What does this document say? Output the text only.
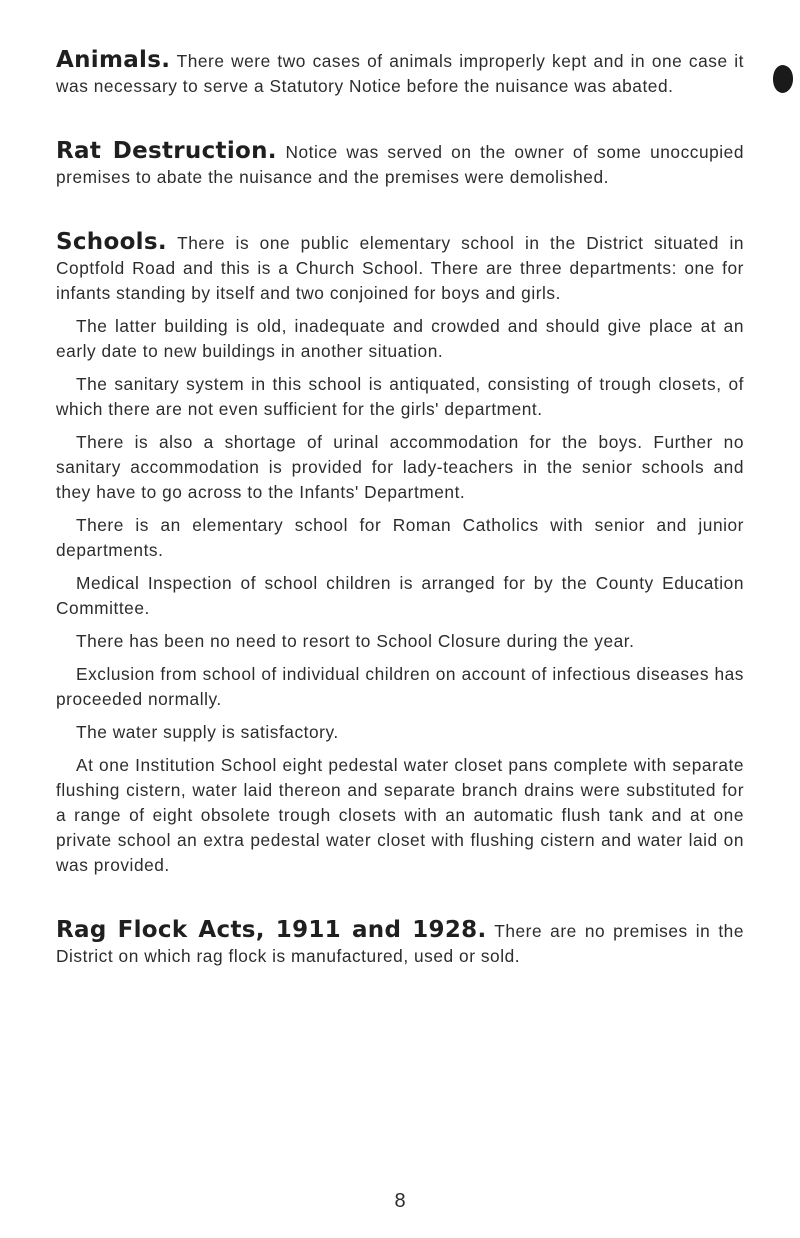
Animals. There were two cases of animals improperly kept and in one case it was necessary to serve a Statutory Notice before the nuisance was abated.

Rat Destruction. Notice was served on the owner of some unoccupied premises to abate the nuisance and the premises were demolished.

Schools. There is one public elementary school in the District situated in Coptfold Road and this is a Church School. There are three departments: one for infants standing by itself and two conjoined for boys and girls.

The latter building is old, inadequate and crowded and should give place at an early date to new buildings in another situation.

The sanitary system in this school is antiquated, consisting of trough closets, of which there are not even sufficient for the girls' department.

There is also a shortage of urinal accommodation for the boys. Further no sanitary accommodation is provided for lady-teachers in the senior schools and they have to go across to the Infants' Department.

There is an elementary school for Roman Catholics with senior and junior departments.

Medical Inspection of school children is arranged for by the County Education Committee.

There has been no need to resort to School Closure during the year.

Exclusion from school of individual children on account of infectious diseases has proceeded normally.

The water supply is satisfactory.

At one Institution School eight pedestal water closet pans complete with separate flushing cistern, water laid thereon and separate branch drains were substituted for a range of eight obsolete trough closets with an automatic flush tank and at one private school an extra pedestal water closet with flushing cistern and water laid on was provided.

Rag Flock Acts, 1911 and 1928. There are no premises in the District on which rag flock is manufactured, used or sold.

8
